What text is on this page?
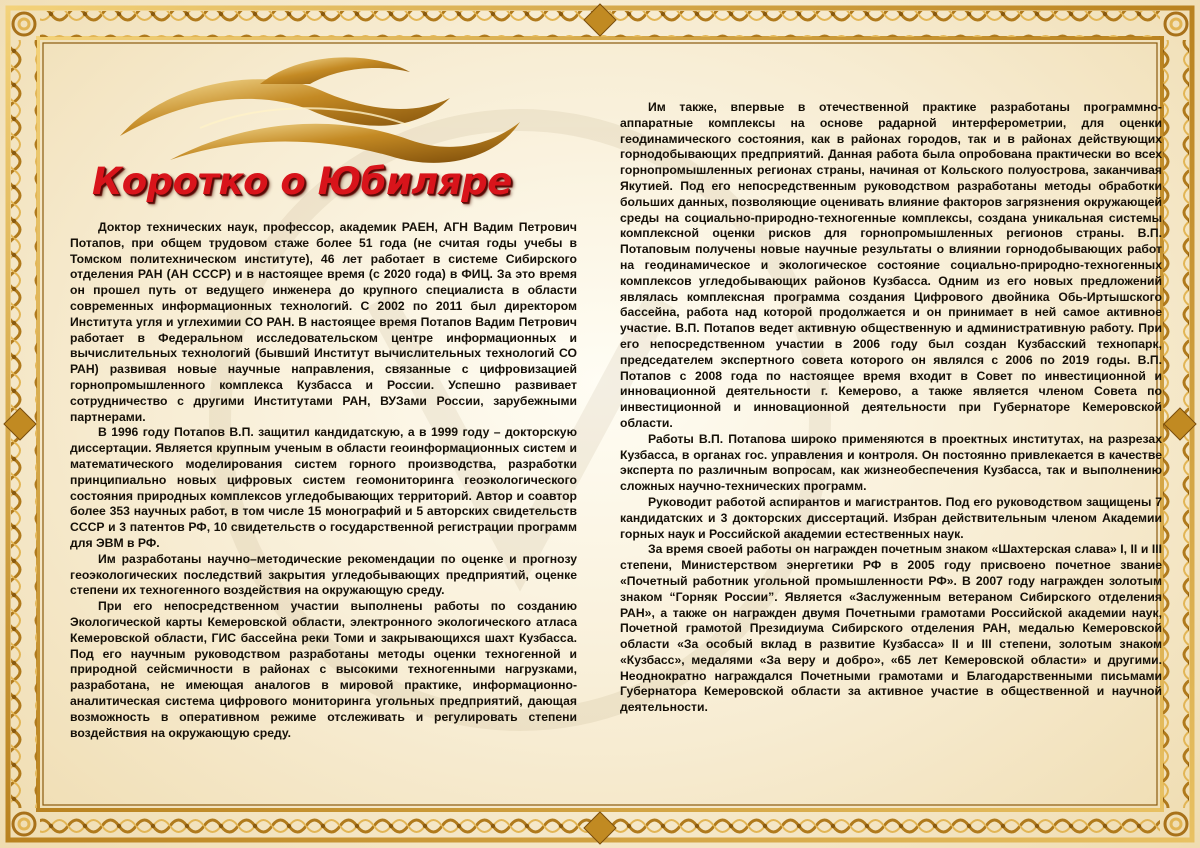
Коротко о Юбиляре

Доктор технических наук, профессор, академик РАЕН, АГН Вадим Петрович Потапов, при общем трудовом стаже более 51 года (не считая годы учебы в Томском политехническом институте), 46 лет работает в системе Сибирского отделения РАН (АН СССР) и в настоящее время (с 2020 года) в ФИЦ. За это время он прошел путь от ведущего инженера до крупного специалиста в области современных информационных технологий. С 2002 по 2011 был директором Института угля и углехимии СО РАН. В настоящее время Потапов Вадим Петрович работает в Федеральном исследовательском центре информационных и вычислительных технологий (бывший Институт вычислительных технологий СО РАН) развивая новые научные направления, связанные с цифровизацией горнопромышленного комплекса Кузбасса и России. Успешно развивает сотрудничество с другими Институтами РАН, ВУЗами России, зарубежными партнерами.

В 1996 году Потапов В.П. защитил кандидатскую, а в 1999 году – докторскую диссертации. Является крупным ученым в области геоинформационных систем и математического моделирования систем горного производства, разработки принципиально новых цифровых систем геомониторинга геоэкологического состояния природных комплексов угледобывающих территорий. Автор и соавтор более 353 научных работ, в том числе 15 монографий и 5 авторских свидетельств СССР и 3 патентов РФ, 10 свидетельств о государственной регистрации программ для ЭВМ в РФ.

Им разработаны научно–методические рекомендации по оценке и прогнозу геоэкологических последствий закрытия угледобывающих предприятий, оценке степени их техногенного воздействия на окружающую среду.

При его непосредственном участии выполнены работы по созданию Экологической карты Кемеровской области, электронного экологического атласа Кемеровской области, ГИС бассейна реки Томи и закрывающихся шахт Кузбасса. Под его научным руководством разработаны методы оценки техногенной и природной сейсмичности в районах с высокими техногенными нагрузками, разработана, не имеющая аналогов в мировой практике, информационно-аналитическая система цифрового мониторинга угольных предприятий, дающая возможность в оперативном режиме отслеживать и регулировать степени воздействия на окружающую среду.

Им также, впервые в отечественной практике разработаны программно-аппаратные комплексы на основе радарной интерферометрии, для оценки геодинамического состояния, как в районах городов, так и в районах действующих горнодобывающих предприятий. Данная работа была опробована практически во всех горнопромышленных регионах страны, начиная от Кольского полуострова, заканчивая Якутией. Под его непосредственным руководством разработаны методы обработки больших данных, позволяющие оценивать влияние факторов загрязнения окружающей среды на социально-природно-техногенные комплексы, создана уникальная системы комплексной оценки рисков для горнопромышленных регионов страны. В.П. Потаповым получены новые научные результаты о влиянии горнодобывающих работ на геодинамическое и экологическое состояние социально-природно-техногенных комплексов угледобывающих районов Кузбасса. Одним из его новых предложений являлась комплексная программа создания Цифрового двойника Обь-Иртышского бассейна, работа над которой продолжается и он принимает в ней самое активное участие. В.П. Потапов ведет активную общественную и административную работу. При его непосредственном участии в 2006 году был создан Кузбасский технопарк, председателем экспертного совета которого он являлся с 2006 по 2019 годы. В.П. Потапов с 2008 года по настоящее время входит в Совет по инвестиционной и инновационной деятельности г. Кемерово, а также является членом Совета по инвестиционной и инновационной деятельности при Губернаторе Кемеровской области.

Работы В.П. Потапова широко применяются в проектных институтах, на разрезах Кузбасса, в органах гос. управления и контроля. Он постоянно привлекается в качестве эксперта по различным вопросам, как жизнеобеспечения Кузбасса, так и выполнению сложных научно-технических программ.

Руководит работой аспирантов и магистрантов. Под его руководством защищены 7 кандидатских и 3 докторских диссертаций. Избран действительным членом Академии горных наук и Российской академии естественных наук.

За время своей работы он награжден почетным знаком «Шахтерская слава» I, II и III степени, Министерством энергетики РФ в 2005 году присвоено почетное звание «Почетный работник угольной промышленности РФ». В 2007 году награжден золотым знаком “Горняк России”. Является «Заслуженным ветераном Сибирского отделения РАН», а также он награжден двумя Почетными грамотами Российской академии наук, Почетной грамотой Президиума Сибирского отделения РАН, медалью Кемеровской области «За особый вклад в развитие Кузбасса» II и III степени, золотым знаком «Кузбасс», медалями «За веру и добро», «65 лет Кемеровской области» и другими. Неоднократно награждался Почетными грамотами и Благодарственными письмами Губернатора Кемеровской области за активное участие в общественной и научной деятельности.
